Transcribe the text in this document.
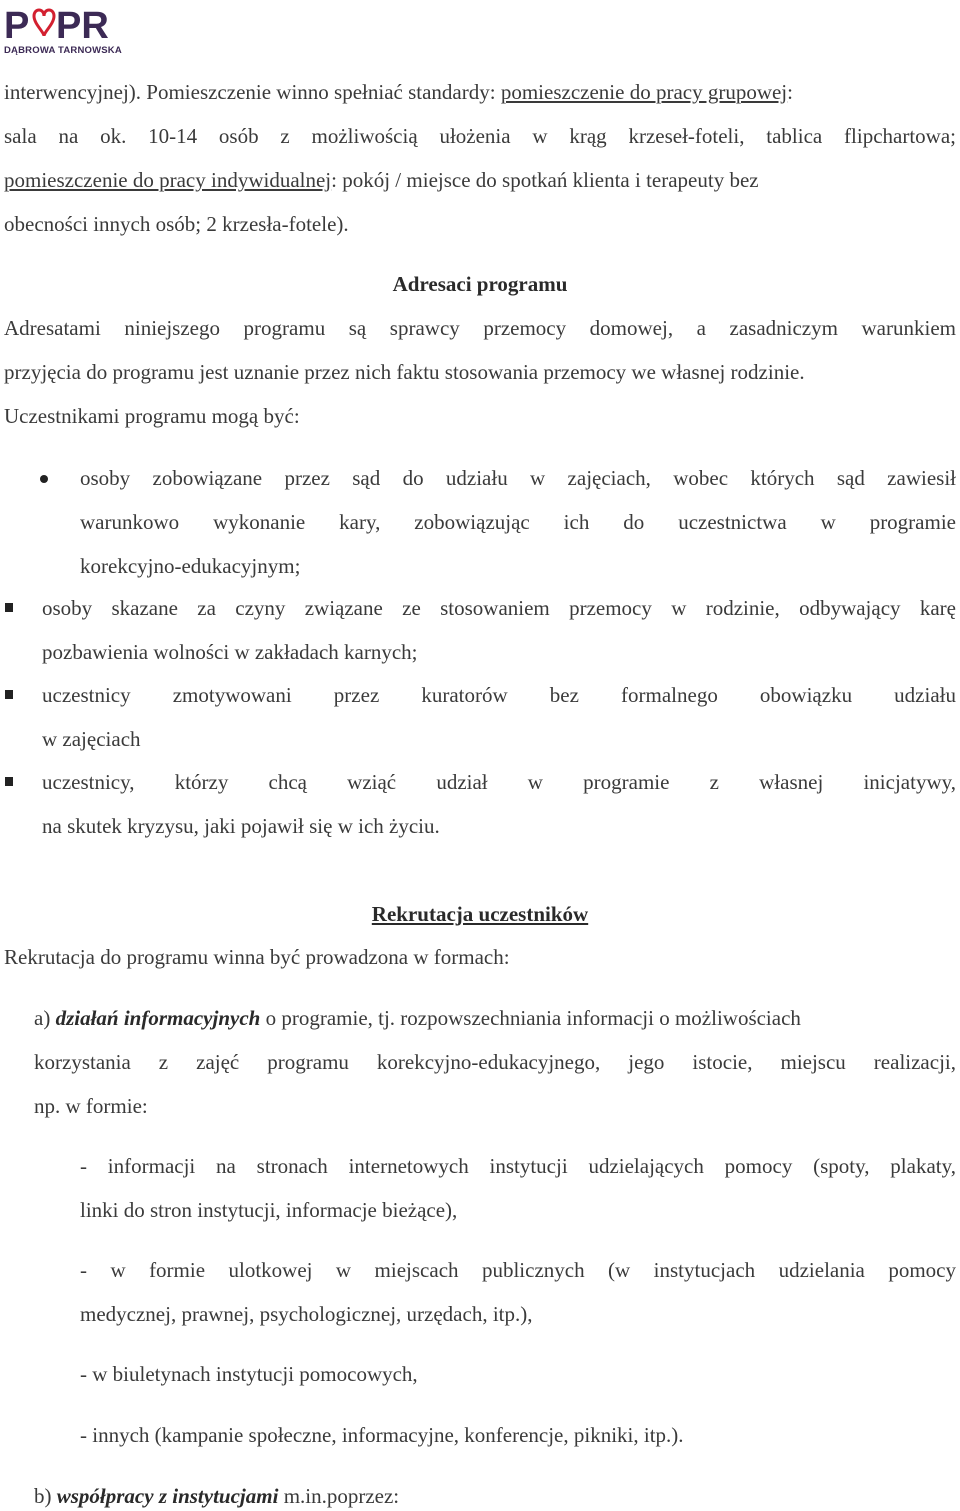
P PR
DĄBROWA TARNOWSKA
interwencyjnej). Pomieszczenie winno spełniać standardy: pomieszczenie do pracy grupowej:
sala na ok. 10-14 osób z możliwością ułożenia w krąg krzeseł-foteli, tablica flipchartowa;
pomieszczenie do pracy indywidualnej: pokój / miejsce do spotkań klienta i terapeuty bez
obecności innych osób; 2 krzesła-fotele).
Adresaci programu
Adresatami niniejszego programu są sprawcy przemocy domowej, a zasadniczym warunkiem
przyjęcia do programu jest uznanie przez nich faktu stosowania przemocy we własnej rodzinie.
Uczestnikami programu mogą być:
osoby zobowiązane przez sąd do udziału w zajęciach, wobec których sąd zawiesił
warunkowo wykonanie kary, zobowiązując ich do uczestnictwa w programie
korekcyjno-edukacyjnym;
osoby skazane za czyny związane ze stosowaniem przemocy w rodzinie, odbywający karę
pozbawienia wolności w zakładach karnych;
uczestnicy zmotywowani przez kuratorów bez formalnego obowiązku udziału
w zajęciach
uczestnicy, którzy chcą wziąć udział w programie z własnej inicjatywy,
na skutek kryzysu, jaki pojawił się w ich życiu.
Rekrutacja uczestników
Rekrutacja do programu winna być prowadzona w formach:
a) działań informacyjnych o programie, tj. rozpowszechniania informacji o możliwościach
korzystania z zajęć programu korekcyjno-edukacyjnego, jego istocie, miejscu realizacji,
np. w formie:
- informacji na stronach internetowych instytucji udzielających pomocy (spoty, plakaty,
linki do stron instytucji, informacje bieżące),
- w formie ulotkowej w miejscach publicznych (w instytucjach udzielania pomocy
medycznej, prawnej, psychologicznej, urzędach, itp.),
- w biuletynach instytucji pomocowych,
- innych (kampanie społeczne, informacyjne, konferencje, pikniki, itp.).
b) współpracy z instytucjami m.in.poprzez:
